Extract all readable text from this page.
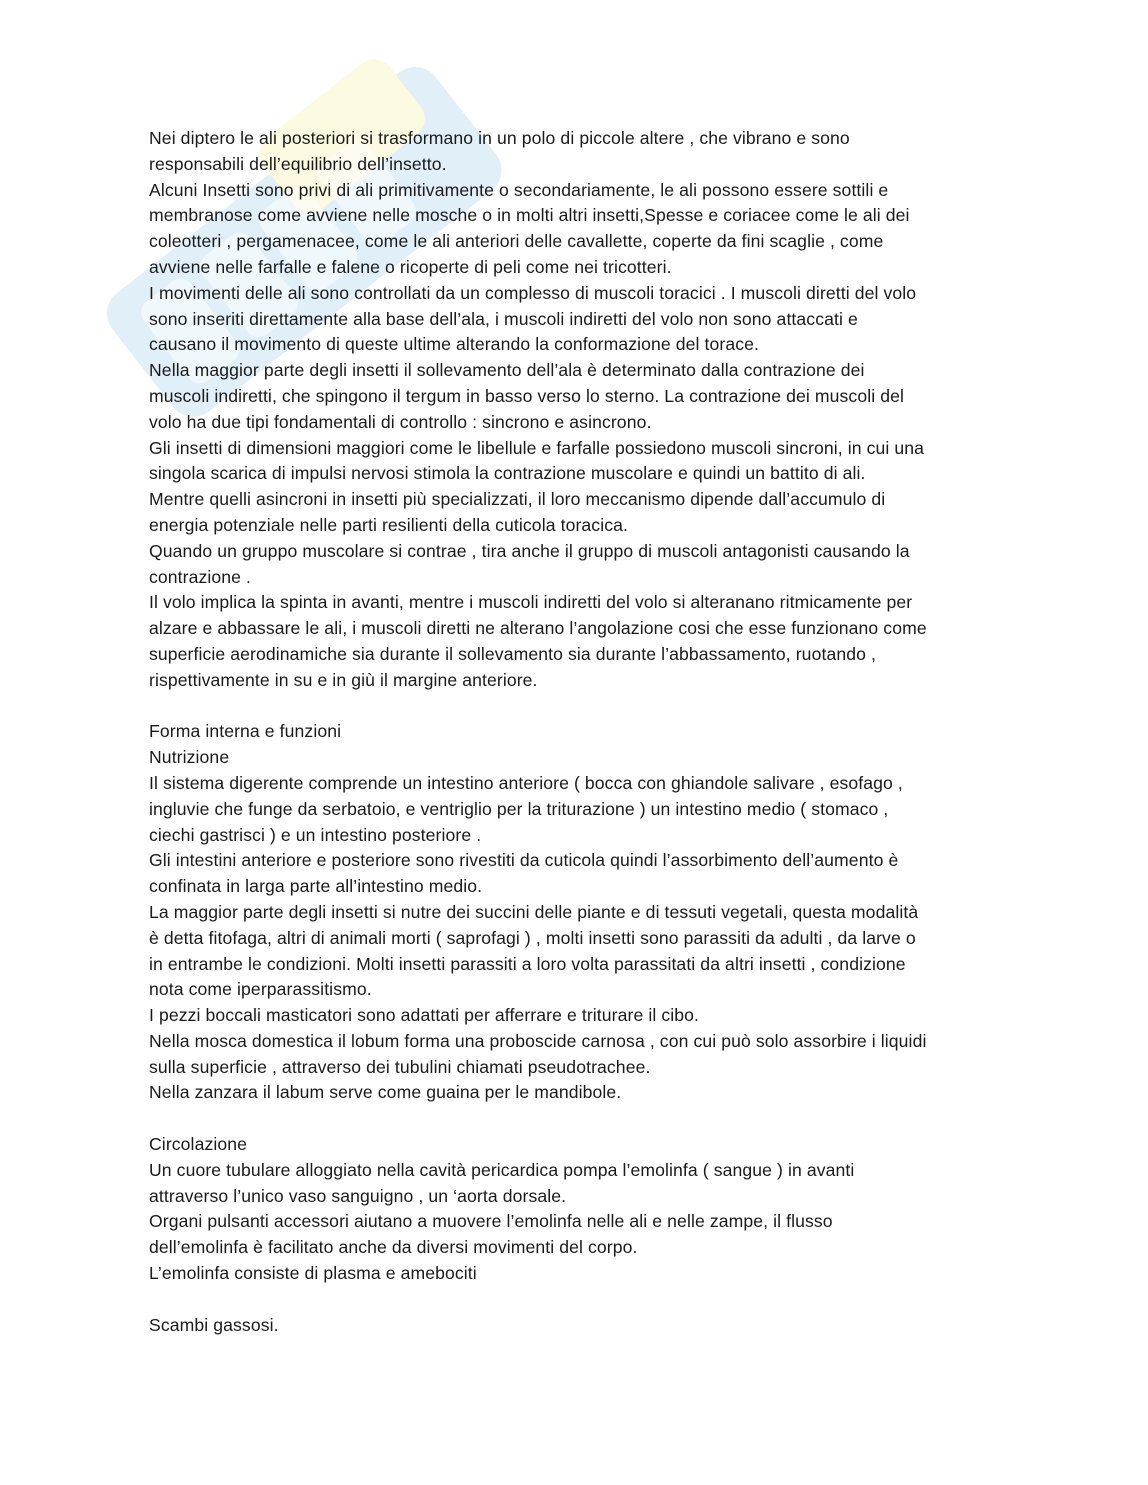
Nei diptero le ali posteriori si trasformano in un polo di piccole altere , che vibrano e sono
responsabili dell’equilibrio dell’insetto.
Alcuni Insetti sono privi di ali primitivamente o secondariamente, le ali possono essere sottili e
membranose come avviene nelle mosche o in molti altri insetti,Spesse e coriacee come le ali dei
coleotteri , pergamenacee, come le ali anteriori delle cavallette, coperte da fini scaglie , come
avviene nelle farfalle e falene o ricoperte di peli come nei tricotteri.
I movimenti delle ali sono controllati da un complesso di muscoli toracici . I muscoli diretti del volo
sono inseriti direttamente alla base dell’ala, i muscoli indiretti del volo non sono attaccati e
causano il movimento di queste ultime alterando la conformazione del torace.
Nella maggior parte degli insetti il sollevamento dell’ala è determinato dalla contrazione dei
muscoli indiretti, che spingono il tergum in basso verso lo sterno. La contrazione dei muscoli del
volo ha due tipi fondamentali di controllo : sincrono e asincrono.
Gli insetti di dimensioni maggiori come le libellule e farfalle possiedono muscoli sincroni, in cui una
singola scarica di impulsi nervosi stimola la contrazione muscolare e quindi un battito di ali.
Mentre quelli asincroni in insetti più specializzati, il loro meccanismo dipende dall’accumulo di
energia potenziale nelle parti resilienti della cuticola toracica.
Quando un gruppo muscolare si contrae , tira anche il gruppo di muscoli antagonisti causando la
contrazione .
Il volo implica la spinta in avanti, mentre i muscoli indiretti del volo si alteranano ritmicamente per
alzare e abbassare le ali, i muscoli diretti ne alterano l’angolazione cosi che esse funzionano come
superficie aerodinamiche sia durante il sollevamento sia durante l’abbassamento, ruotando ,
rispettivamente in su e in giù il margine anteriore.
Forma interna e funzioni
Nutrizione
Il sistema digerente comprende un intestino anteriore ( bocca con ghiandole salivare , esofago ,
ingluvie che funge da serbatoio, e ventriglio per la triturazione ) un intestino medio ( stomaco ,
ciechi gastrisci ) e un intestino posteriore .
Gli intestini anteriore e posteriore sono rivestiti da cuticola quindi l’assorbimento dell’aumento è
confinata in larga parte all’intestino medio.
La maggior parte degli insetti si nutre dei succini delle piante e di tessuti vegetali, questa modalità
è detta fitofaga, altri di animali morti ( saprofagi ) , molti insetti sono parassiti da adulti , da larve o
in entrambe le condizioni. Molti insetti parassiti a loro volta parassitati da altri insetti , condizione
nota come iperparassitismo.
I pezzi boccali masticatori sono adattati per afferrare e triturare il cibo.
Nella mosca domestica il lobum forma una proboscide carnosa , con cui può solo assorbire i liquidi
sulla superficie , attraverso dei tubulini chiamati pseudotrachee.
Nella zanzara il labum serve come guaina per le mandibole.
Circolazione
Un cuore tubulare alloggiato nella cavità pericardica pompa l’emolinfa ( sangue ) in avanti
attraverso l’unico vaso sanguigno , un ‘aorta dorsale.
Organi pulsanti accessori aiutano a muovere l’emolinfa nelle ali e nelle zampe, il flusso
dell’emolinfa è facilitato anche da diversi movimenti del corpo.
L’emolinfa consiste di plasma e amebociti
Scambi gassosi.
